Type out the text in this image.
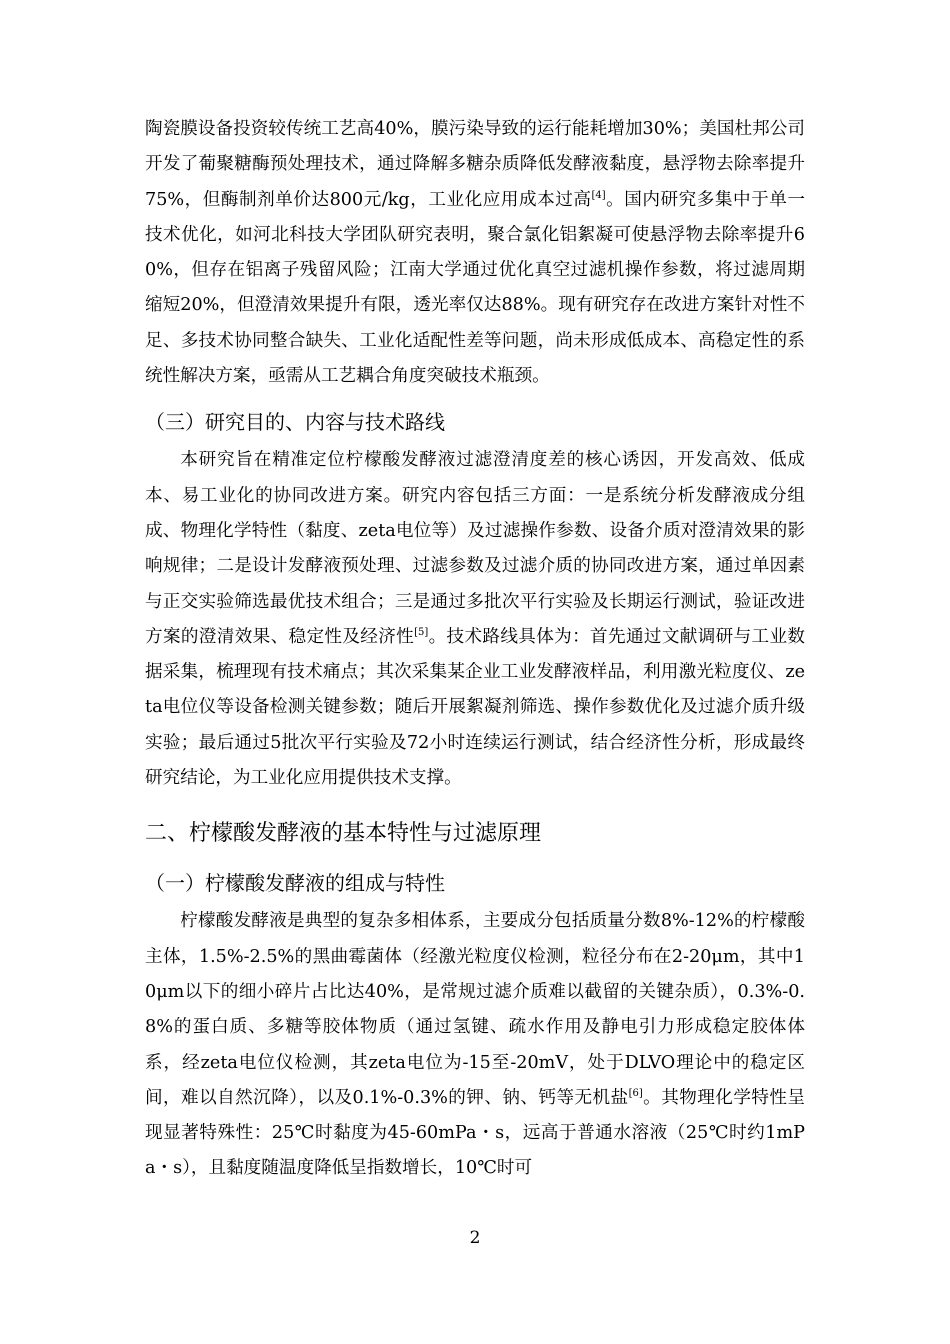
陶瓷膜设备投资较传统工艺高40%，膜污染导致的运行能耗增加30%；美国杜邦公司开发了葡聚糖酶预处理技术，通过降解多糖杂质降低发酵液黏度，悬浮物去除率提升75%，但酶制剂单价达800元/kg，工业化应用成本过高[4]。国内研究多集中于单一技术优化，如河北科技大学团队研究表明，聚合氯化铝絮凝可使悬浮物去除率提升60%，但存在铝离子残留风险；江南大学通过优化真空过滤机操作参数，将过滤周期缩短20%，但澄清效果提升有限，透光率仅达88%。现有研究存在改进方案针对性不足、多技术协同整合缺失、工业化适配性差等问题，尚未形成低成本、高稳定性的系统性解决方案，亟需从工艺耦合角度突破技术瓶颈。

（三）研究目的、内容与技术路线

本研究旨在精准定位柠檬酸发酵液过滤澄清度差的核心诱因，开发高效、低成本、易工业化的协同改进方案。研究内容包括三方面：一是系统分析发酵液成分组成、物理化学特性（黏度、zeta电位等）及过滤操作参数、设备介质对澄清效果的影响规律；二是设计发酵液预处理、过滤参数及过滤介质的协同改进方案，通过单因素与正交实验筛选最优技术组合；三是通过多批次平行实验及长期运行测试，验证改进方案的澄清效果、稳定性及经济性[5]。技术路线具体为：首先通过文献调研与工业数据采集，梳理现有技术痛点；其次采集某企业工业发酵液样品，利用激光粒度仪、zeta电位仪等设备检测关键参数；随后开展絮凝剂筛选、操作参数优化及过滤介质升级实验；最后通过5批次平行实验及72小时连续运行测试，结合经济性分析，形成最终研究结论，为工业化应用提供技术支撑。

二、柠檬酸发酵液的基本特性与过滤原理
（一）柠檬酸发酵液的组成与特性

柠檬酸发酵液是典型的复杂多相体系，主要成分包括质量分数8%-12%的柠檬酸主体，1.5%-2.5%的黑曲霉菌体（经激光粒度仪检测，粒径分布在2-20μm，其中10μm以下的细小碎片占比达40%，是常规过滤介质难以截留的关键杂质），0.3%-0.8%的蛋白质、多糖等胶体物质（通过氢键、疏水作用及静电引力形成稳定胶体体系，经zeta电位仪检测，其zeta电位为-15至-20mV，处于DLVO理论中的稳定区间，难以自然沉降），以及0.1%-0.3%的钾、钠、钙等无机盐[6]。其物理化学特性呈现显著特殊性：25℃时黏度为45-60mPa・s，远高于普通水溶液（25℃时约1mPa・s），且黏度随温度降低呈指数增长，10℃时可

2
